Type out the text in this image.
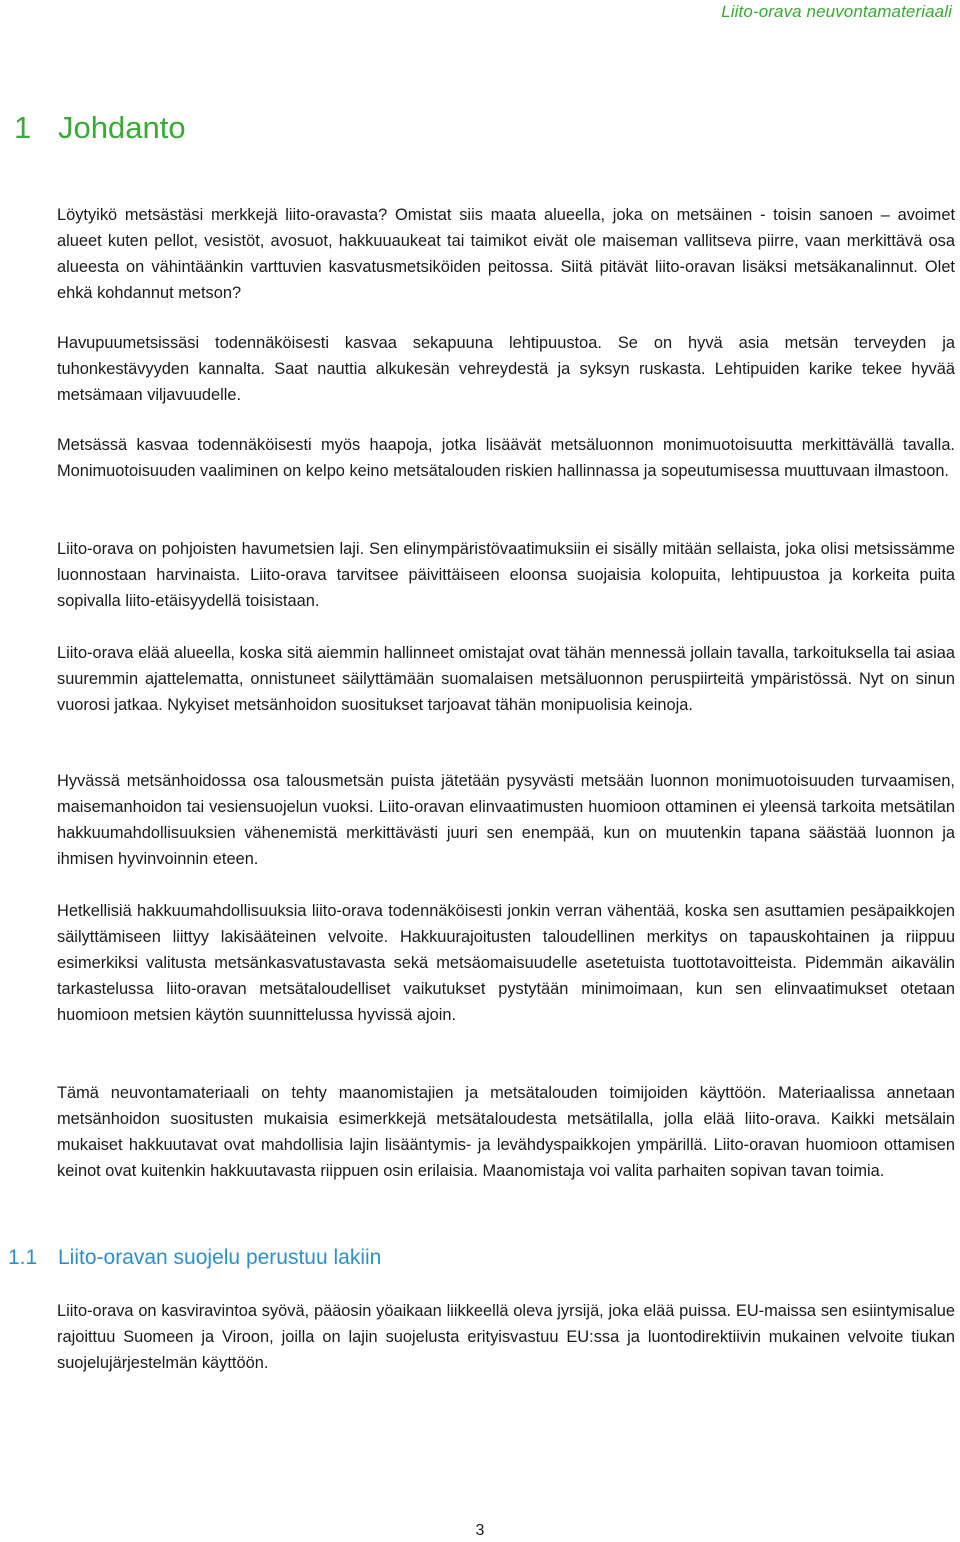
Liito-orava neuvontamateriaali
1 Johdanto

Löytyikö metsästäsi merkkejä liito-oravasta? Omistat siis maata alueella, joka on metsäinen - toisin sanoen – avoimet alueet kuten pellot, vesistöt, avosuot, hakkuuaukeat tai taimikot eivät ole maiseman vallitseva piirre, vaan merkittävä osa alueesta on vähintäänkin varttuvien kasvatusmetsiköiden peitossa. Siitä pitävät liito-oravan lisäksi metsäkanalinnut. Olet ehkä kohdannut metson?

Havupuumetsissäsi todennäköisesti kasvaa sekapuuna lehtipuustoa. Se on hyvä asia metsän terveyden ja tuhonkestävyyden kannalta. Saat nauttia alkukesän vehreydestä ja syksyn ruskasta. Lehtipuiden karike tekee hyvää metsämaan viljavuudelle.

Metsässä kasvaa todennäköisesti myös haapoja, jotka lisäävät metsäluonnon monimuotoisuutta merkittävällä tavalla. Monimuotoisuuden vaaliminen on kelpo keino metsätalouden riskien hallinnassa ja sopeutumisessa muuttuvaan ilmastoon.

Liito-orava on pohjoisten havumetsien laji. Sen elinympäristövaatimuksiin ei sisälly mitään sellaista, joka olisi metsissämme luonnostaan harvinaista. Liito-orava tarvitsee päivittäiseen eloonsa suojaisia kolopuita, lehtipuustoa ja korkeita puita sopivalla liito-etäisyydellä toisistaan.

Liito-orava elää alueella, koska sitä aiemmin hallinneet omistajat ovat tähän mennessä jollain tavalla, tarkoituksella tai asiaa suuremmin ajattelematta, onnistuneet säilyttämään suomalaisen metsäluonnon peruspiirteitä ympäristössä. Nyt on sinun vuorosi jatkaa. Nykyiset metsänhoidon suositukset tarjoavat tähän monipuolisia keinoja.

Hyvässä metsänhoidossa osa talousmetsän puista jätetään pysyvästi metsään luonnon monimuotoisuuden turvaamisen, maisemanhoidon tai vesiensuojelun vuoksi. Liito-oravan elinvaatimusten huomioon ottaminen ei yleensä tarkoita metsätilan hakkuumahdollisuuksien vähenemistä merkittävästi juuri sen enempää, kun on muutenkin tapana säästää luonnon ja ihmisen hyvinvoinnin eteen.

Hetkellisiä hakkuumahdollisuuksia liito-orava todennäköisesti jonkin verran vähentää, koska sen asuttamien pesäpaikkojen säilyttämiseen liittyy lakisääteinen velvoite. Hakkuurajoitusten taloudellinen merkitys on tapauskohtainen ja riippuu esimerkiksi valitusta metsänkasvatustavasta sekä metsäomaisuudelle asetetuista tuottotavoitteista. Pidemmän aikavälin tarkastelussa liito-oravan metsätaloudelliset vaikutukset pystytään minimoimaan, kun sen elinvaatimukset otetaan huomioon metsien käytön suunnittelussa hyvissä ajoin.

Tämä neuvontamateriaali on tehty maanomistajien ja metsätalouden toimijoiden käyttöön. Materiaalissa annetaan metsänhoidon suositusten mukaisia esimerkkejä metsätaloudesta metsätilalla, jolla elää liito-orava. Kaikki metsälain mukaiset hakkuutavat ovat mahdollisia lajin lisääntymis- ja levähdyspaikkojen ympärillä. Liito-oravan huomioon ottamisen keinot ovat kuitenkin hakkuutavasta riippuen osin erilaisia. Maanomistaja voi valita parhaiten sopivan tavan toimia.

1.1 Liito-oravan suojelu perustuu lakiin

Liito-orava on kasviravintoa syövä, pääosin yöaikaan liikkeellä oleva jyrsijä, joka elää puissa. EU-maissa sen esiintymisalue rajoittuu Suomeen ja Viroon, joilla on lajin suojelusta erityisvastuu EU:ssa ja luontodirektiivin mukainen velvoite tiukan suojelujärjestelmän käyttöön.

3
